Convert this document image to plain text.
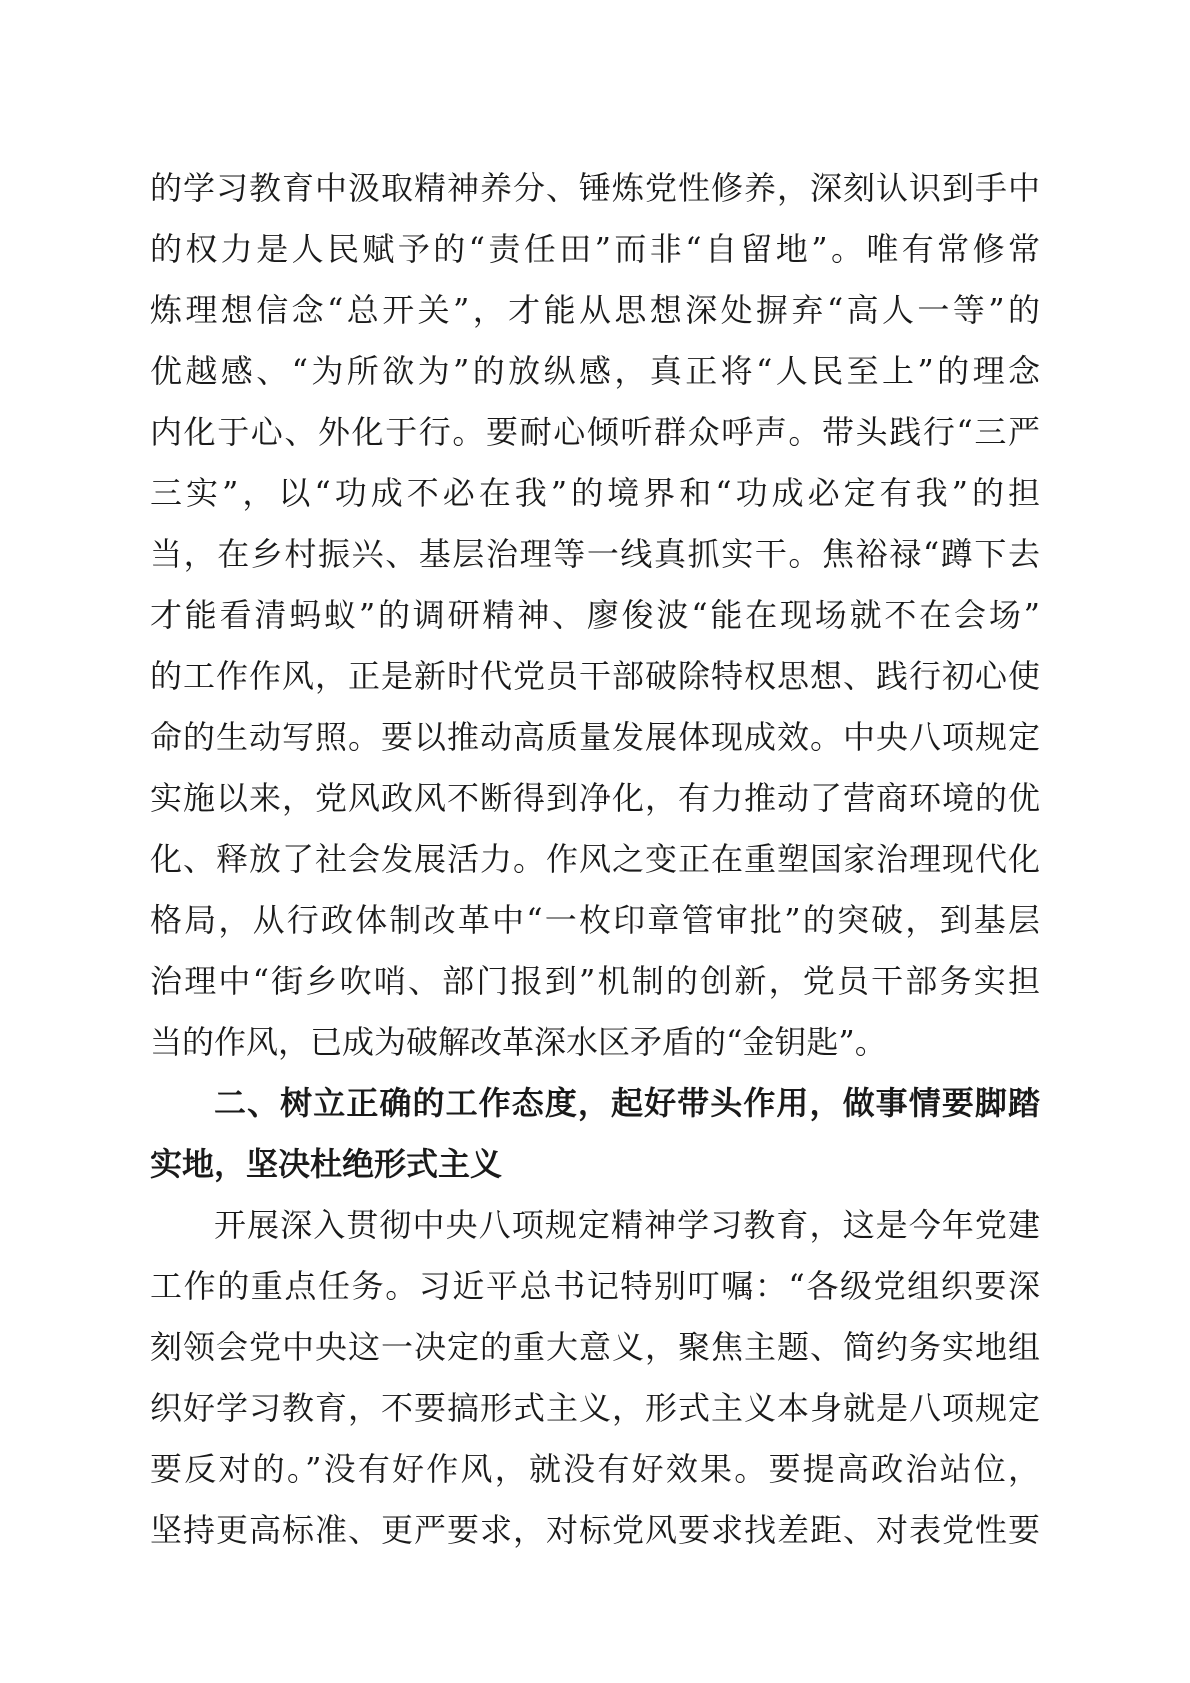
的学习教育中汲取精神养分、锤炼党性修养，深刻认识到手中
的权力是人民赋予的“责任田”而非“自留地”。唯有常修常
炼理想信念“总开关”，才能从思想深处摒弃“高人一等”的
优越感、“为所欲为”的放纵感，真正将“人民至上”的理念
内化于心、外化于行。要耐心倾听群众呼声。带头践行“三严
三实”，以“功成不必在我”的境界和“功成必定有我”的担
当，在乡村振兴、基层治理等一线真抓实干。焦裕禄“蹲下去
才能看清蚂蚁”的调研精神、廖俊波“能在现场就不在会场”
的工作作风，正是新时代党员干部破除特权思想、践行初心使
命的生动写照。要以推动高质量发展体现成效。中央八项规定
实施以来，党风政风不断得到净化，有力推动了营商环境的优
化、释放了社会发展活力。作风之变正在重塑国家治理现代化
格局，从行政体制改革中“一枚印章管审批”的突破，到基层
治理中“街乡吹哨、部门报到”机制的创新，党员干部务实担
当的作风，已成为破解改革深水区矛盾的“金钥匙”。
二、树立正确的工作态度，起好带头作用，做事情要脚踏
实地，坚决杜绝形式主义
开展深入贯彻中央八项规定精神学习教育，这是今年党建
工作的重点任务。习近平总书记特别叮嘱：“各级党组织要深
刻领会党中央这一决定的重大意义，聚焦主题、简约务实地组
织好学习教育，不要搞形式主义，形式主义本身就是八项规定
要反对的。”没有好作风，就没有好效果。要提高政治站位，
坚持更高标准、更严要求，对标党风要求找差距、对表党性要
